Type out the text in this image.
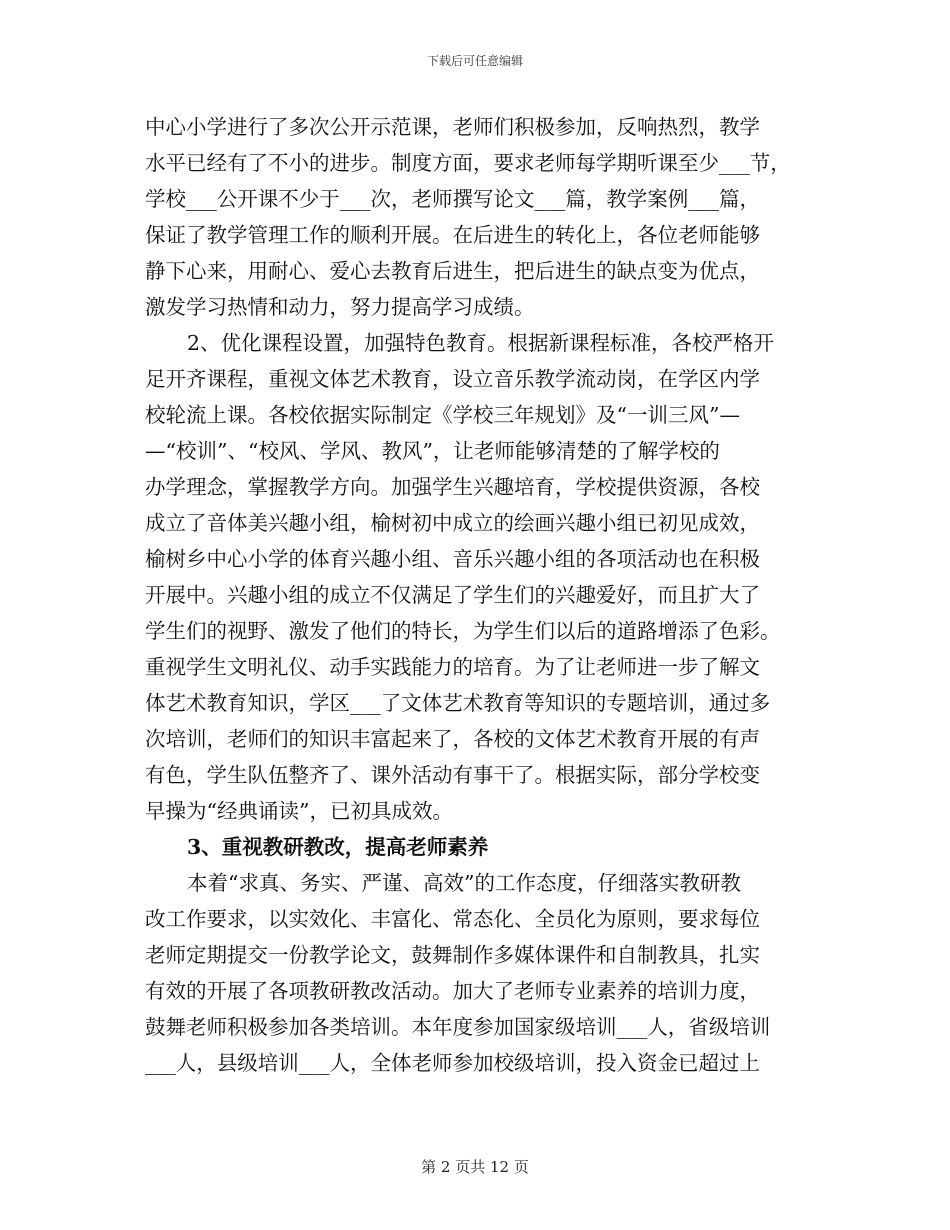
下载后可任意编辑
中心小学进行了多次公开示范课，老师们积极参加，反响热烈，教学
水平已经有了不小的进步。制度方面，要求老师每学期听课至少___节，
学校___公开课不少于___次，老师撰写论文___篇，教学案例___篇，
保证了教学管理工作的顺利开展。在后进生的转化上，各位老师能够
静下心来，用耐心、爱心去教育后进生，把后进生的缺点变为优点，
激发学习热情和动力，努力提高学习成绩。
2、优化课程设置，加强特色教育。根据新课程标准，各校严格开
足开齐课程，重视文体艺术教育，设立音乐教学流动岗，在学区内学
校轮流上课。各校依据实际制定《学校三年规划》及“一训三风”—
—“校训”、“校风、学风、教风”，让老师能够清楚的了解学校的
办学理念，掌握教学方向。加强学生兴趣培育，学校提供资源，各校
成立了音体美兴趣小组，榆树初中成立的绘画兴趣小组已初见成效，
榆树乡中心小学的体育兴趣小组、音乐兴趣小组的各项活动也在积极
开展中。兴趣小组的成立不仅满足了学生们的兴趣爱好，而且扩大了
学生们的视野、激发了他们的特长，为学生们以后的道路增添了色彩。
重视学生文明礼仪、动手实践能力的培育。为了让老师进一步了解文
体艺术教育知识，学区___了文体艺术教育等知识的专题培训，通过多
次培训，老师们的知识丰富起来了，各校的文体艺术教育开展的有声
有色，学生队伍整齐了、课外活动有事干了。根据实际，部分学校变
早操为“经典诵读”，已初具成效。
3、重视教研教改，提高老师素养
本着“求真、务实、严谨、高效”的工作态度，仔细落实教研教
改工作要求，以实效化、丰富化、常态化、全员化为原则，要求每位
老师定期提交一份教学论文，鼓舞制作多媒体课件和自制教具，扎实
有效的开展了各项教研教改活动。加大了老师专业素养的培训力度，
鼓舞老师积极参加各类培训。本年度参加国家级培训___人，省级培训
___人，县级培训___人，全体老师参加校级培训，投入资金已超过上
第 2 页共 12 页
